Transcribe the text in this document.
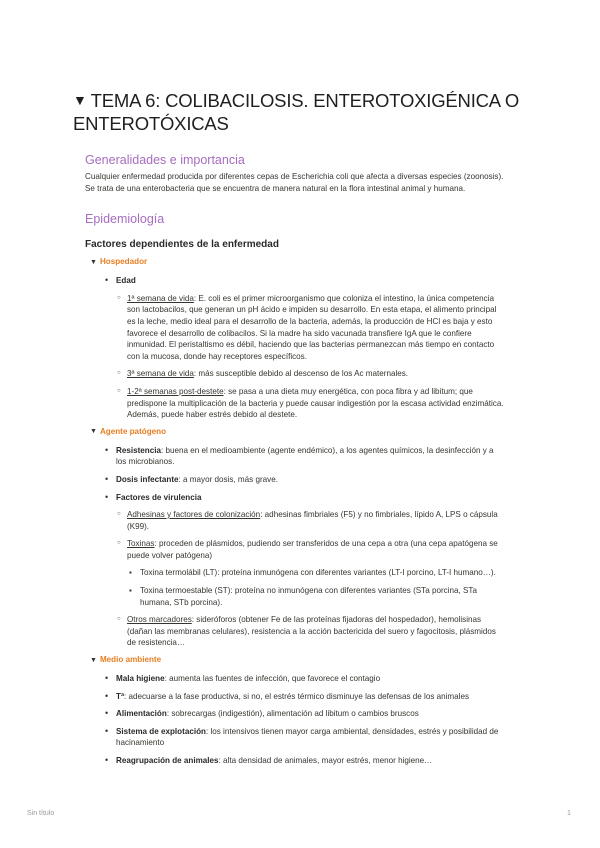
▼ TEMA 6: COLIBACILOSIS. ENTEROTOXIGÉNICA O ENTEROTÓXICAS
Generalidades e importancia

Cualquier enfermedad producida por diferentes cepas de Escherichia coli que afecta a diversas especies (zoonosis). Se trata de una enterobacteria que se encuentra de manera natural en la flora intestinal animal y humana.

Epidemiología
Factores dependientes de la enfermedad
▼ Hospedador
• Edad
○ 1ª semana de vida: E. coli es el primer microorganismo que coloniza el intestino, la única competencia son lactobacilos, que generan un pH ácido e impiden su desarrollo. En esta etapa, el alimento principal es la leche, medio ideal para el desarrollo de la bacteria, además, la producción de HCl es baja y esto favorece el desarrollo de colibacilos. Si la madre ha sido vacunada transfiere IgA que le confiere inmunidad. El peristaltismo es débil, haciendo que las bacterias permanezcan más tiempo en contacto con la mucosa, donde hay receptores específicos.
○ 3ª semana de vida: más susceptible debido al descenso de los Ac maternales.
○ 1-2ª semanas post-destete: se pasa a una dieta muy energética, con poca fibra y ad libitum; que predispone la multiplicación de la bacteria y puede causar indigestión por la escasa actividad enzimática. Además, puede haber estrés debido al destete.
▼ Agente patógeno
• Resistencia: buena en el medioambiente (agente endémico), a los agentes químicos, la desinfección y a los microbianos.
• Dosis infectante: a mayor dosis, más grave.
• Factores de virulencia
○ Adhesinas y factores de colonización: adhesinas fimbriales (F5) y no fimbriales, lípido A, LPS o cápsula (K99).
○ Toxinas: proceden de plásmidos, pudiendo ser transferidos de una cepa a otra (una cepa apatógena se puede volver patógena)
▪ Toxina termolábil (LT): proteína inmunógena con diferentes variantes (LT-I porcino, LT-I humano…).
▪ Toxina termoestable (ST): proteína no inmunógena con diferentes variantes (STa porcina, STa humana, STb porcina).
○ Otros marcadores: sideróforos (obtener Fe de las proteínas fijadoras del hospedador), hemolisinas (dañan las membranas celulares), resistencia a la acción bactericida del suero y fagocitosis, plásmidos de resistencia…
▼ Medio ambiente
• Mala higiene: aumenta las fuentes de infección, que favorece el contagio
• Tª: adecuarse a la fase productiva, si no, el estrés térmico disminuye las defensas de los animales
• Alimentación: sobrecargas (indigestión), alimentación ad libitum o cambios bruscos
• Sistema de explotación: los intensivos tienen mayor carga ambiental, densidades, estrés y posibilidad de hacinamiento
• Reagrupación de animales: alta densidad de animales, mayor estrés, menor higiene…
Sin título	1
